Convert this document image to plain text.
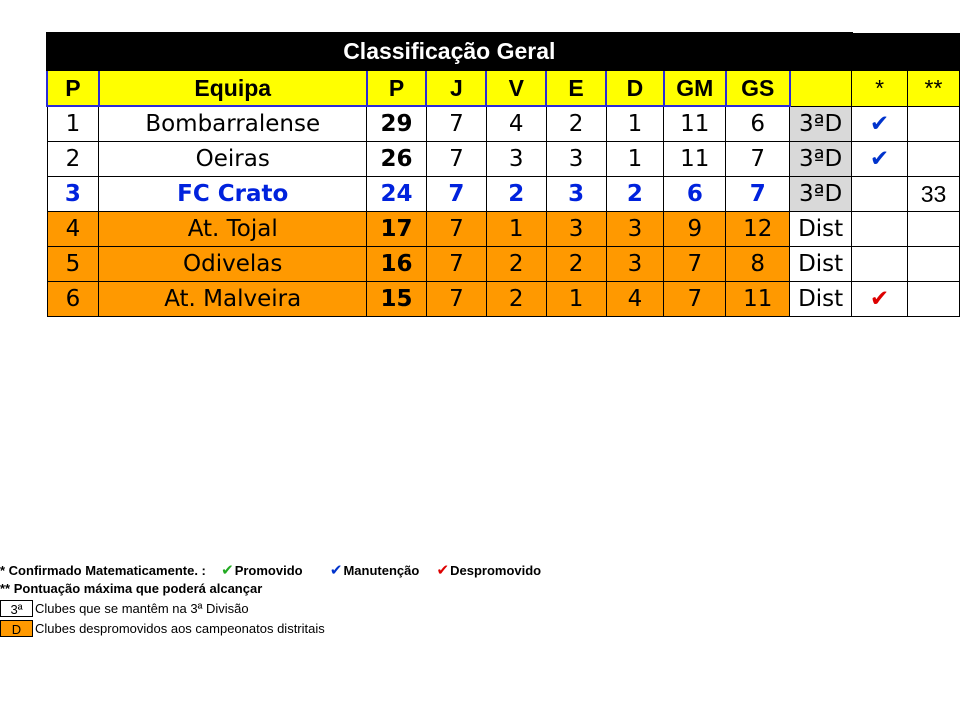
Classificação Geral											
P	Equipa	P	J	V	E	D	GM	GS		*	**
1	Bombarralense	29	7	4	2	1	11	6	3ªD	✔	
2	Oeiras	26	7	3	3	1	11	7	3ªD	✔	
3	FC Crato	24	7	2	3	2	6	7	3ªD		33
4	At. Tojal	17	7	1	3	3	9	12	Dist		
5	Odivelas	16	7	2	2	3	7	8	Dist		
6	At. Malveira	15	7	2	1	4	7	11	Dist	✔	
* Confirmado Matematicamente. : ✔Promovido ✔Manutenção ✔Despromovido
** Pontuação máxima que poderá alcançar
3ª Clubes que se mantêm na 3ª Divisão
D	Clubes despromovidos aos campeonatos distritais
